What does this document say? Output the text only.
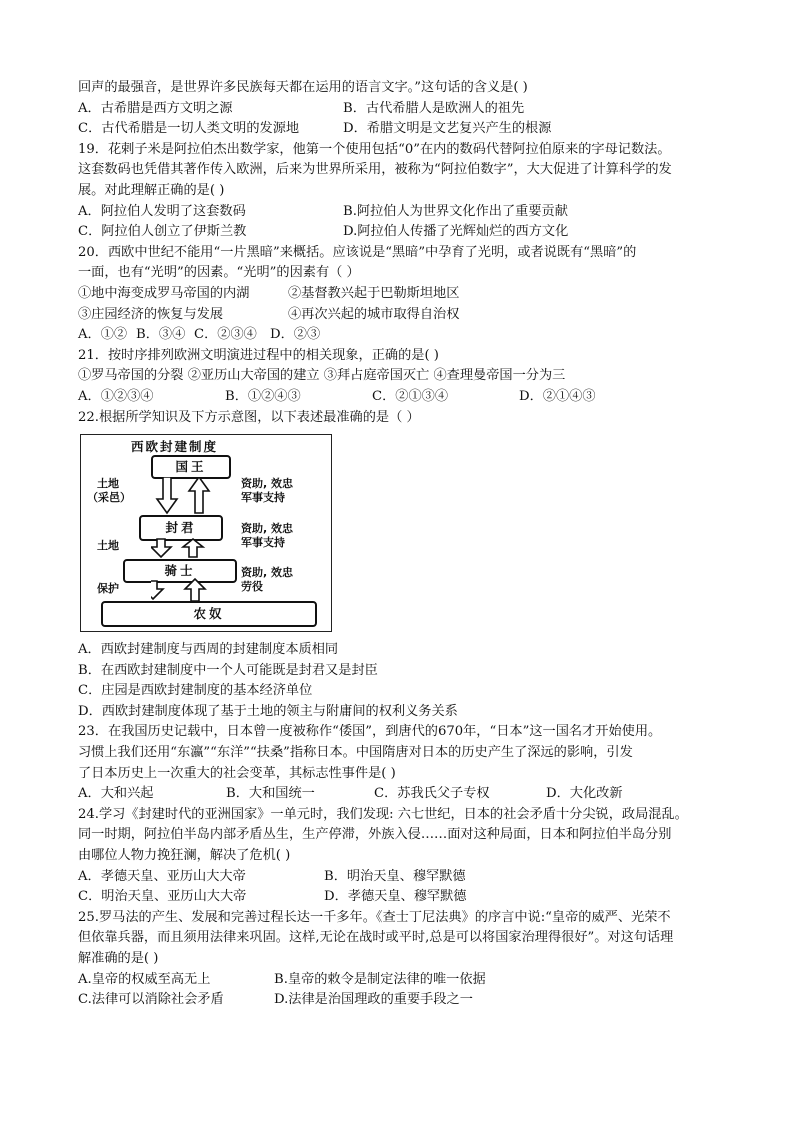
回声的最强音，是世界许多民族每天都在运用的语言文字。”这句话的含义是( )
A．古希腊是西方文明之源	B．古代希腊人是欧洲人的祖先
C．古代希腊是一切人类文明的发源地	D．希腊文明是文艺复兴产生的根源
19．花剌子米是阿拉伯杰出数学家，他第一个使用包括“0”在内的数码代替阿拉伯原来的字母记数法。
这套数码也凭借其著作传入欧洲，后来为世界所采用，被称为“阿拉伯数字”，大大促进了计算科学的发
展。对此理解正确的是( )
A．阿拉伯人发明了这套数码	B.阿拉伯人为世界文化作出了重要贡献
C．阿拉伯人创立了伊斯兰教	D.阿拉伯人传播了光辉灿烂的西方文化
20．西欧中世纪不能用“一片黑暗”来概括。应该说是“黑暗”中孕育了光明，或者说既有“黑暗”的
一面，也有“光明”的因素。“光明”的因素有（ ）
①地中海变成罗马帝国的内湖	②基督教兴起于巴勒斯坦地区
③庄园经济的恢复与发展	④再次兴起的城市取得自治权
A．①② B．③④ C．②③④ D．②③
21．按时序排列欧洲文明演进过程中的相关现象，正确的是( )
①罗马帝国的分裂 ②亚历山大帝国的建立 ③拜占庭帝国灭亡 ④查理曼帝国一分为三
A．①②③④	B．①②④③	C．②①③④	D．②①④③
22.根据所学知识及下方示意图，以下表述最准确的是（ ）
西欧封建制度
国王
封君
骑士
农奴
土地
（采邑）
土地
保护
资助, 效忠
军事支持
资助, 效忠
军事支持
资助, 效忠
劳役
A．西欧封建制度与西周的封建制度本质相同
B．在西欧封建制度中一个人可能既是封君又是封臣
C．庄园是西欧封建制度的基本经济单位
D．西欧封建制度体现了基于土地的领主与附庸间的权利义务关系
23．在我国历史记载中，日本曾一度被称作“倭国”，到唐代的670年，“日本”这一国名才开始使用。
习惯上我们还用“东瀛”“东洋”“扶桑”指称日本。中国隋唐对日本的历史产生了深远的影响，引发
了日本历史上一次重大的社会变革，其标志性事件是( )
A．大和兴起	B．大和国统一	C．苏我氏父子专权	D．大化改新
24.学习《封建时代的亚洲国家》一单元时，我们发现: 六七世纪，日本的社会矛盾十分尖锐，政局混乱。
同一时期，阿拉伯半岛内部矛盾丛生，生产停滞，外族入侵……面对这种局面，日本和阿拉伯半岛分别
由哪位人物力挽狂澜，解决了危机( )
A．孝德天皇、亚历山大大帝	B．明治天皇、穆罕默德
C．明治天皇、亚历山大大帝	D．孝德天皇、穆罕默德
25.罗马法的产生、发展和完善过程长达一千多年。《查士丁尼法典》的序言中说:“皇帝的威严、光荣不
但依靠兵器，而且须用法律来巩固。这样,无论在战时或平时,总是可以将国家治理得很好”。对这句话理
解准确的是( )
A.皇帝的权威至高无上	B.皇帝的敕令是制定法律的唯一依据
C.法律可以消除社会矛盾	D.法律是治国理政的重要手段之一
